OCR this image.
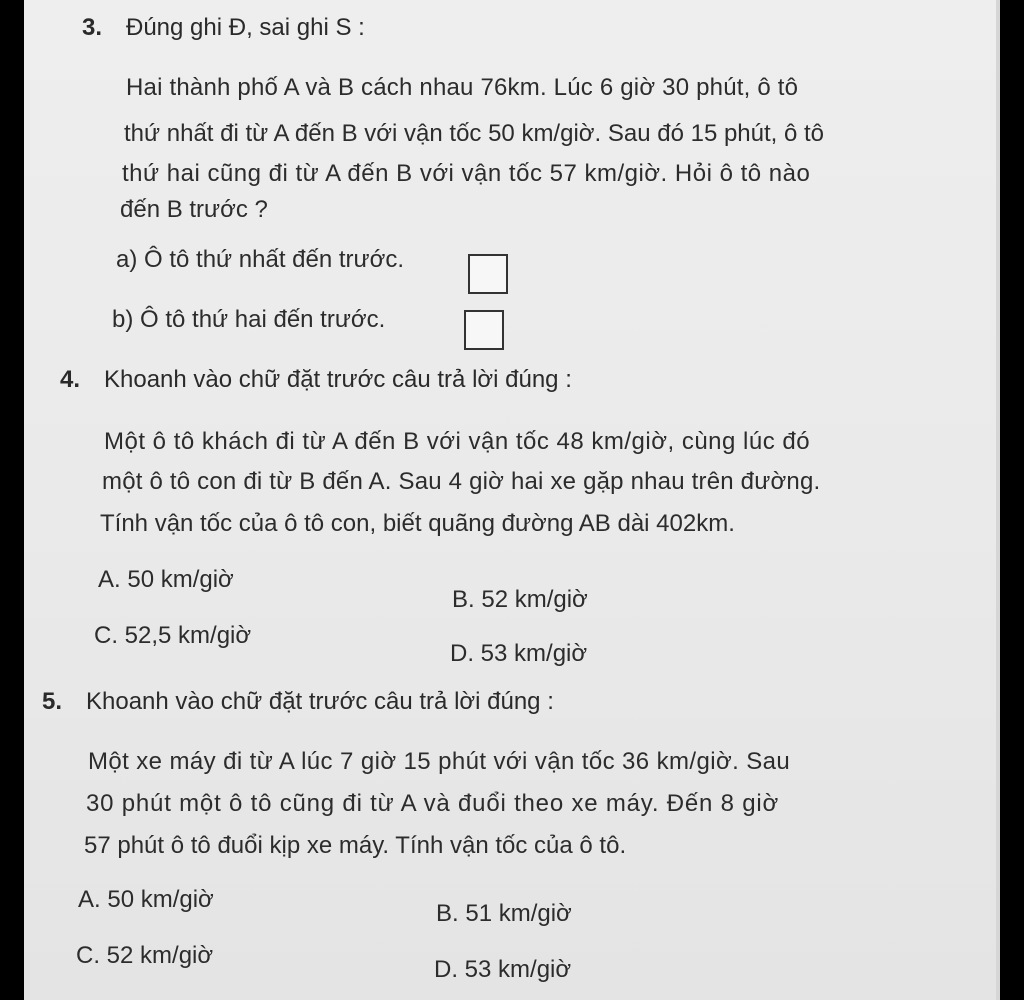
3. Đúng ghi Đ, sai ghi S :
Hai thành phố A và B cách nhau 76km. Lúc 6 giờ 30 phút, ô tô
thứ nhất đi từ A đến B với vận tốc 50 km/giờ. Sau đó 15 phút, ô tô
thứ hai cũng đi từ A đến B với vận tốc 57 km/giờ. Hỏi ô tô nào
đến B trước ?
a) Ô tô thứ nhất đến trước.
b) Ô tô thứ hai đến trước.
4. Khoanh vào chữ đặt trước câu trả lời đúng :
Một ô tô khách đi từ A đến B với vận tốc 48 km/giờ, cùng lúc đó
một ô tô con đi từ B đến A. Sau 4 giờ hai xe gặp nhau trên đường.
Tính vận tốc của ô tô con, biết quãng đường AB dài 402km.
A. 50 km/giờ
B. 52 km/giờ
C. 52,5 km/giờ
D. 53 km/giờ
5. Khoanh vào chữ đặt trước câu trả lời đúng :
Một xe máy đi từ A lúc 7 giờ 15 phút với vận tốc 36 km/giờ. Sau
30 phút một ô tô cũng đi từ A và đuổi theo xe máy. Đến 8 giờ
57 phút ô tô đuổi kịp xe máy. Tính vận tốc của ô tô.
A. 50 km/giờ
B. 51 km/giờ
C. 52 km/giờ
D. 53 km/giờ
